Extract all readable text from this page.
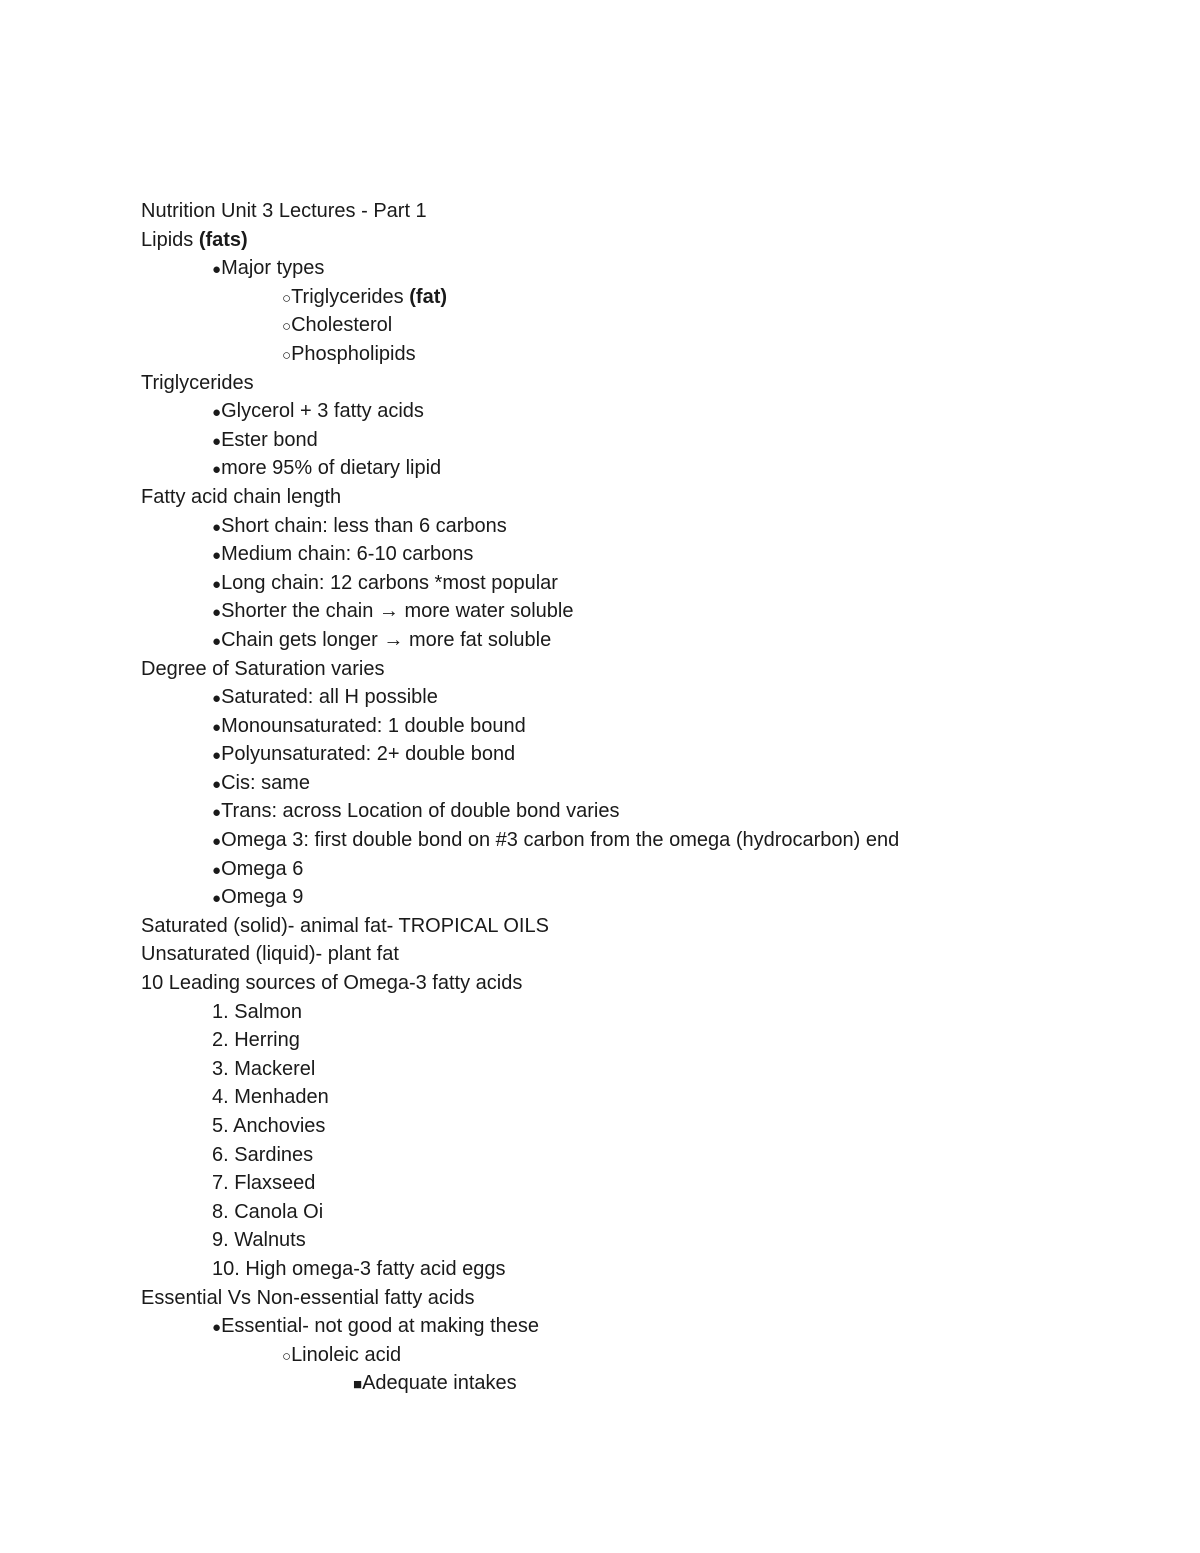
Nutrition Unit 3 Lectures - Part 1
Lipids (fats)
●Major types
○Triglycerides (fat)
○Cholesterol
○Phospholipids
Triglycerides
●Glycerol + 3 fatty acids
●Ester bond
●more 95% of dietary lipid
Fatty acid chain length
●Short chain: less than 6 carbons
●Medium chain: 6-10 carbons
●Long chain: 12 carbons *most popular
●Shorter the chain → more water soluble
●Chain gets longer → more fat soluble
Degree of Saturation varies
●Saturated: all H possible
●Monounsaturated: 1 double bound
●Polyunsaturated: 2+ double bond
●Cis: same
●Trans: across Location of double bond varies
●Omega 3: first double bond on #3 carbon from the omega (hydrocarbon) end
●Omega 6
●Omega 9
Saturated (solid)- animal fat- TROPICAL OILS
Unsaturated (liquid)- plant fat
10 Leading sources of Omega-3 fatty acids
1. Salmon
2. Herring
3. Mackerel
4. Menhaden
5. Anchovies
6. Sardines
7. Flaxseed
8. Canola Oi
9. Walnuts
10. High omega-3 fatty acid eggs
Essential Vs Non-essential fatty acids
●Essential- not good at making these
○Linoleic acid
■Adequate intakes
